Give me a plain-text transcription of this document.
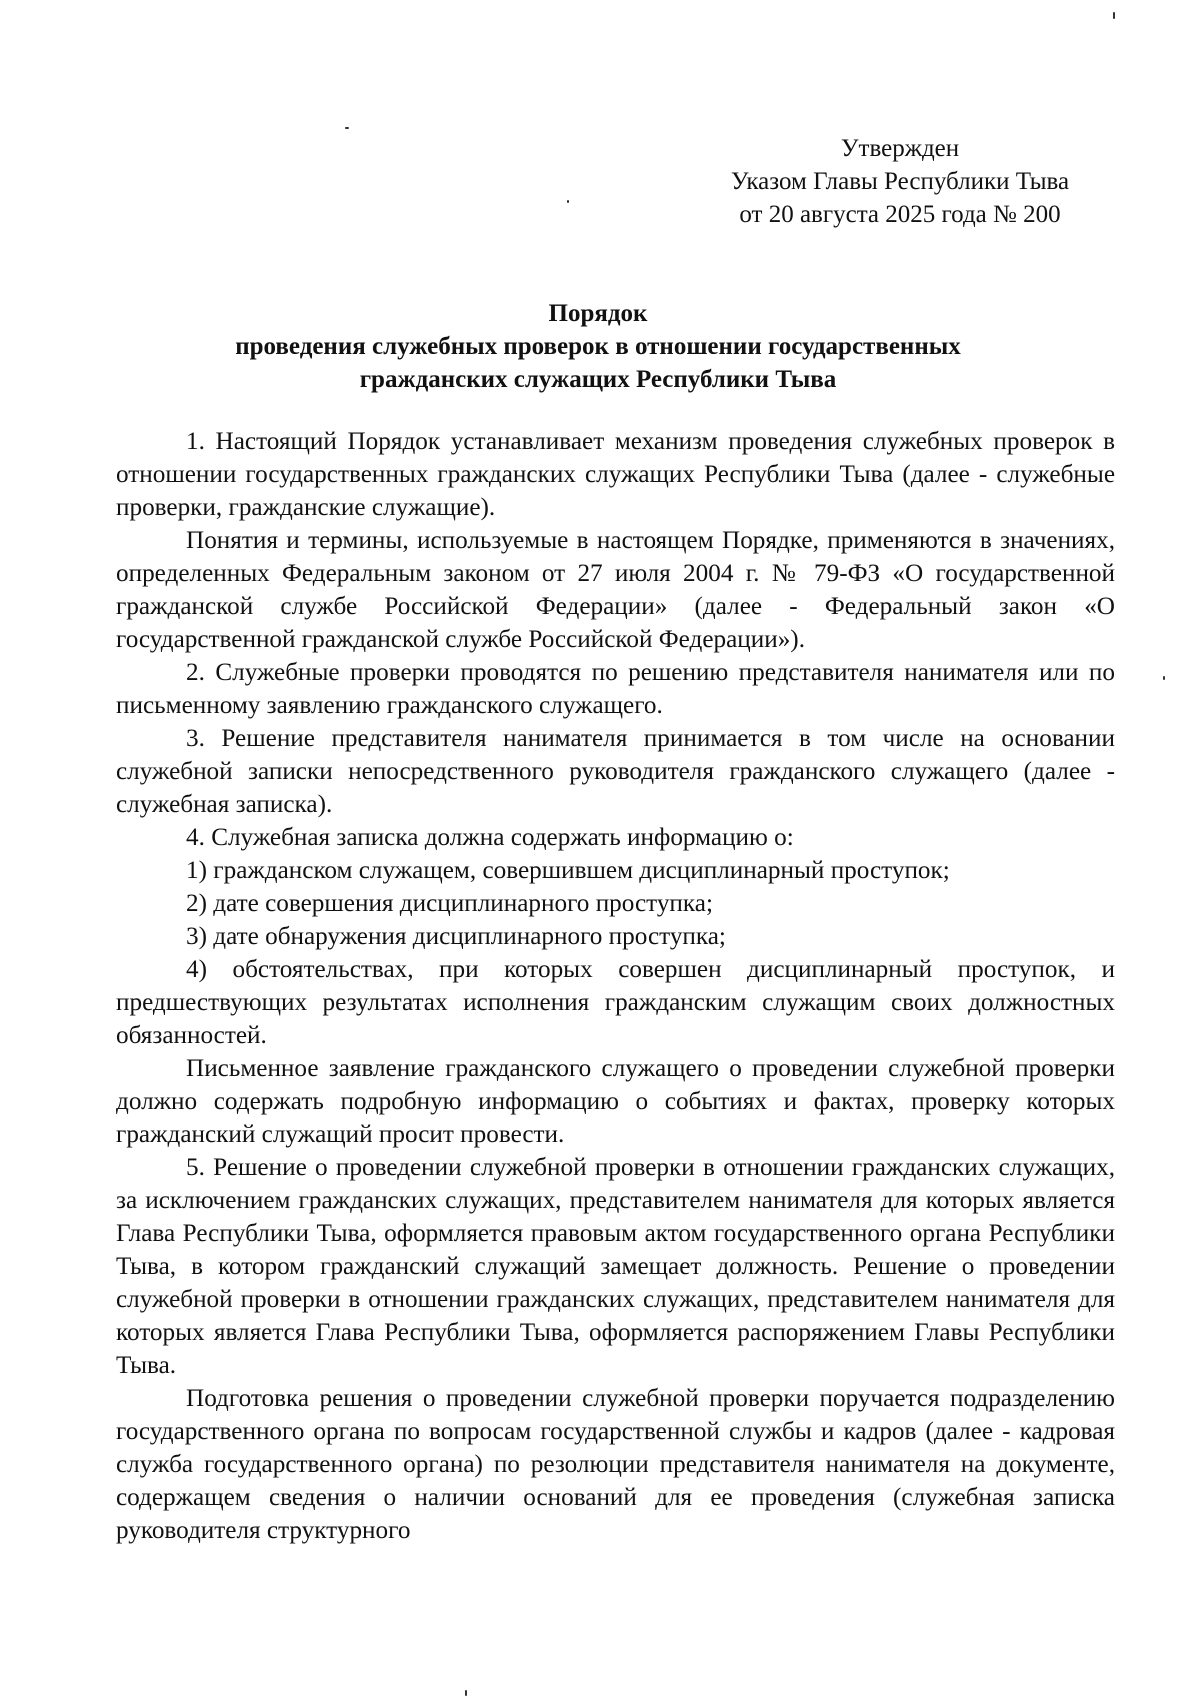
Утвержден
Указом Главы Республики Тыва
от 20 августа 2025 года № 200
Порядок
проведения служебных проверок в отношении государственных
гражданских служащих Республики Тыва

1. Настоящий Порядок устанавливает механизм проведения служебных проверок в отношении государственных гражданских служащих Республики Тыва (далее - служебные проверки, гражданские служащие).

Понятия и термины, используемые в настоящем Порядке, применяются в значениях, определенных Федеральным законом от 27 июля 2004 г. № 79-ФЗ «О государственной гражданской службе Российской Федерации» (далее - Федеральный закон «О государственной гражданской службе Российской Федерации»).

2. Служебные проверки проводятся по решению представителя нанимателя или по письменному заявлению гражданского служащего.

3. Решение представителя нанимателя принимается в том числе на основании служебной записки непосредственного руководителя гражданского служащего (далее - служебная записка).

4. Служебная записка должна содержать информацию о:

1) гражданском служащем, совершившем дисциплинарный проступок;

2) дате совершения дисциплинарного проступка;

3) дате обнаружения дисциплинарного проступка;

4) обстоятельствах, при которых совершен дисциплинарный проступок, и предшествующих результатах исполнения гражданским служащим своих должностных обязанностей.

Письменное заявление гражданского служащего о проведении служебной проверки должно содержать подробную информацию о событиях и фактах, проверку которых гражданский служащий просит провести.

5. Решение о проведении служебной проверки в отношении гражданских служащих, за исключением гражданских служащих, представителем нанимателя для которых является Глава Республики Тыва, оформляется правовым актом государственного органа Республики Тыва, в котором гражданский служащий замещает должность. Решение о проведении служебной проверки в отношении гражданских служащих, представителем нанимателя для которых является Глава Республики Тыва, оформляется распоряжением Главы Республики Тыва.

Подготовка решения о проведении служебной проверки поручается подразделению государственного органа по вопросам государственной службы и кадров (далее - кадровая служба государственного органа) по резолюции представителя нанимателя на документе, содержащем сведения о наличии оснований для ее проведения (служебная записка руководителя структурного
